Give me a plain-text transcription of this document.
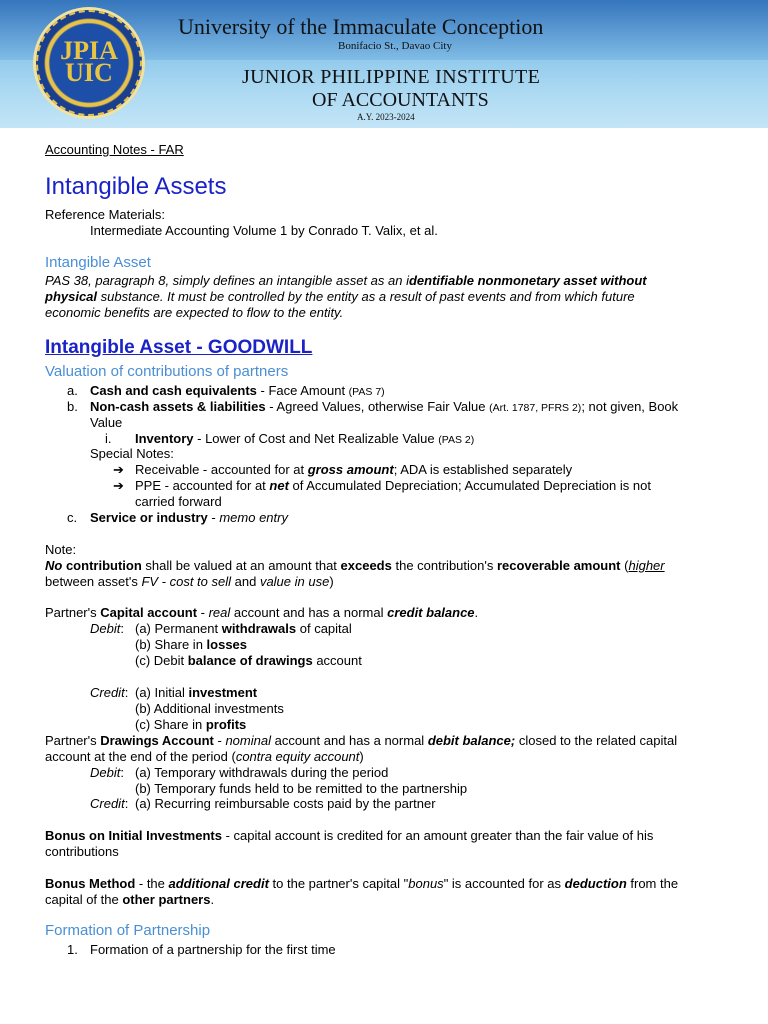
JPIA
UIC
University of the Immaculate Conception
Bonifacio St., Davao City
JUNIOR PHILIPPINE INSTITUTE
OF ACCOUNTANTS
A.Y. 2023-2024
Accounting Notes - FAR
Intangible Assets
Reference Materials:
Intermediate Accounting Volume 1 by Conrado T. Valix, et al.
Intangible Asset
PAS 38, paragraph 8, simply defines an intangible asset as an identifiable nonmonetary asset without
physical substance. It must be controlled by the entity as a result of past events and from which future
economic benefits are expected to flow to the entity.
Intangible Asset - GOODWILL
Valuation of contributions of partners
a. Cash and cash equivalents - Face Amount (PAS 7)
b. Non-cash assets & liabilities - Agreed Values, otherwise Fair Value (Art. 1787, PFRS 2); not given, Book
Value
i. Inventory - Lower of Cost and Net Realizable Value (PAS 2)
Special Notes:
➔ Receivable - accounted for at gross amount; ADA is established separately
➔ PPE - accounted for at net of Accumulated Depreciation; Accumulated Depreciation is not
carried forward
c. Service or industry - memo entry
Note:
No contribution shall be valued at an amount that exceeds the contribution's recoverable amount (higher
between asset's FV - cost to sell and value in use)
Partner's Capital account - real account and has a normal credit balance.
Debit: (a) Permanent withdrawals of capital
(b) Share in losses
(c) Debit balance of drawings account
Credit: (a) Initial investment
(b) Additional investments
(c) Share in profits
Partner's Drawings Account - nominal account and has a normal debit balance; closed to the related capital
account at the end of the period (contra equity account)
Debit: (a) Temporary withdrawals during the period
(b) Temporary funds held to be remitted to the partnership
Credit: (a) Recurring reimbursable costs paid by the partner
Bonus on Initial Investments - capital account is credited for an amount greater than the fair value of his
contributions
Bonus Method - the additional credit to the partner's capital "bonus" is accounted for as deduction from the
capital of the other partners.
Formation of Partnership
1. Formation of a partnership for the first time
